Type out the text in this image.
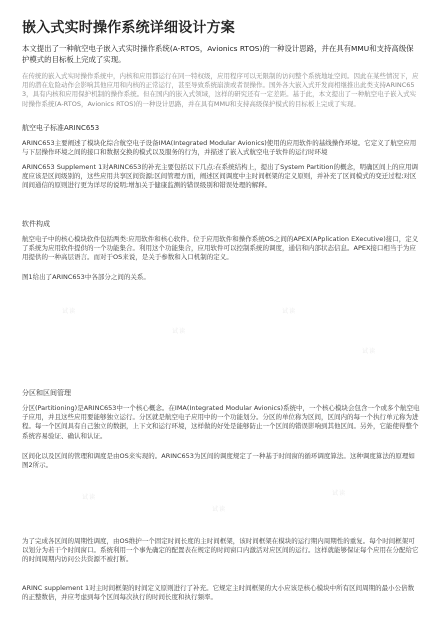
嵌入式实时操作系统详细设计方案

本文提出了一种航空电子嵌入式实时操作系统(A-RTOS，Avionics RTOS)的一种设计思路，并在具有MMU和支持高级保护模式的目标板上完成了实现。

在传统的嵌入式实时操作系统中，内核和应用都运行在同一特权级，应用程序可以无限制的访问整个系统地址空间。因此在某些情况下，应用的潜在危险动作会影响其他应用和内核的正常运行，甚至导致系统崩溃或者误操作。国外各大嵌入式开发商相继推出此类支持ARINC653，具有内核和应用保护机制的操作系统。但在国内的嵌入式领域，这样的研究还有一定差距。基于此，本文提出了一种航空电子嵌入式实时操作系统(A-RTOS，Avionics RTOS)的一种设计思路，并在具有MMU和支持高级保护模式的目标板上完成了实现。

航空电子标准ARINC653

ARINC653主要阐述了模块化综合航空电子设备IMA(Integrated Modular Avionics)使用的应用软件的基线操作环境。它定义了航空应用与下层操作环境之间的接口和数据交换的模式以及服务的行为，并描述了嵌入式航空电子软件的运行时环境

ARINC653 Supplement 1对ARINC653的补充主要包括以下几点:在系统结构上，提出了System Partition的概念，明确区间上的应用调度应该是区间级别的，这些应用共享区间资源;区间管理方面，阐述区间调度中主时间框架的定义原则，并补充了区间模式的变迁过程;对区间间通信的原则进行更为详尽的说明;增加关于健康监测的错误级别和错误处理的解释。

软件构成

航空电子中的核心模块软件包括两类:应用软件和核心软件。位于应用软件和操作系统OS之间的APEX(APplication EXecutive)接口，定义了系统为应用软件提供的一个功能集合。利用这个功能集合，应用软件可以控制系统的调度，通信和内部状态信息。APEX接口相当于为应用提供的一种高层语言。而对于OS来说，是关于参数和入口机制的定义。

图1给出了ARINC653中各部分之间的关系。

试读
试读
试读
试读

分区和区间管理

分区(Partitioning)是ARINC653中一个核心概念。在IMA(Integrated Modular Avionics)系统中，一个核心模块会包含一个或多个航空电子应用，并且这些应用要能够独立运行。分区就是航空电子应用中的一个功能划分。分区的单位称为区间，区间内的每一个执行单元称为进程。每一个区间具有自己独立的数据，上下文和运行环境，这样做的好处是能够防止一个区间的错误影响到其他区间。另外，它能使得整个系统容易验证、确认和认证。

区间化以及区间的管理和调度是由OS来实现的。ARINC653为区间的调度规定了一种基于时间窗的循环调度算法。这种调度算法的原理如图2所示。

试读
试读
试读

为了完成各区间的周期性调度，由OS维护一个固定时间长度的主时间框架，该时间框架在模块的运行期内周期性的重复。每个时间框架可以划分为若干个时间窗口。系统利用一个事先确定的配置表在规定的时间窗口内激活对应区间的运行。这样就能够保证每个应用在分配给它的时间周期内访问公共资源不被打断。

ARINC supplement 1对主时间框架的时间定义原则进行了补充。它规定主时间框架的大小应该是核心模块中所有区间周期的最小公倍数的正整数倍，并应考虑到每个区间每次执行的时间长度和执行频率。
